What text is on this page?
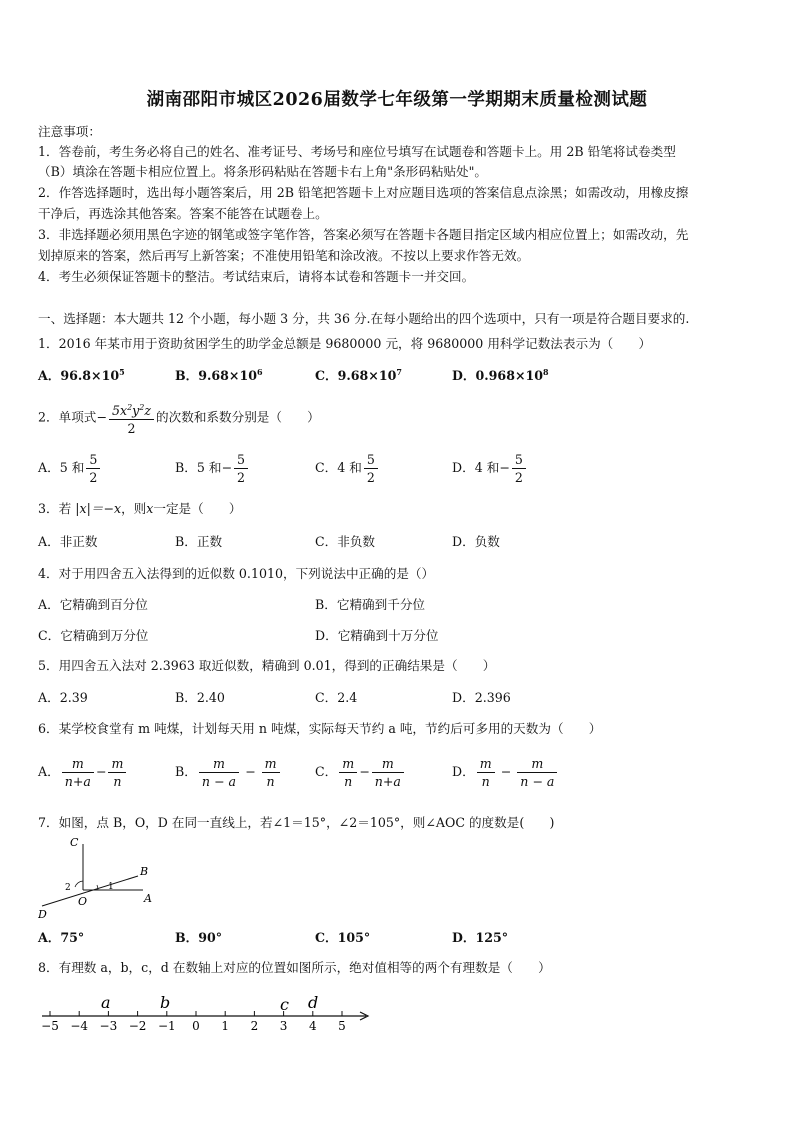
湖南邵阳市城区2026届数学七年级第一学期期末质量检测试题
注意事项：
1．答卷前，考生务必将自己的姓名、准考证号、考场号和座位号填写在试题卷和答题卡上。用 2B 铅笔将试卷类型
（B）填涂在答题卡相应位置上。将条形码粘贴在答题卡右上角"条形码粘贴处"。
2．作答选择题时，选出每小题答案后，用 2B 铅笔把答题卡上对应题目选项的答案信息点涂黑；如需改动，用橡皮擦
干净后，再选涂其他答案。答案不能答在试题卷上。
3．非选择题必须用黑色字迹的钢笔或签字笔作答，答案必须写在答题卡各题目指定区域内相应位置上；如需改动，先
划掉原来的答案，然后再写上新答案；不准使用铅笔和涂改液。不按以上要求作答无效。
4．考生必须保证答题卡的整洁。考试结束后，请将本试卷和答题卡一并交回。
一、选择题：本大题共 12 个小题，每小题 3 分，共 36 分.在每小题给出的四个选项中，只有一项是符合题目要求的.
1．2016 年某市用于资助贫困学生的助学金总额是 9680000 元，将 9680000 用科学记数法表示为（　　）
A．$96.8\times 10^5$	B．$9.68\times 10^6$	C．$9.68\times 10^7$	D．$0.968\times 10^8$
2．单项式− $\frac{5x^2y^2z}{2}$ 的次数和系数分别是（　　）
A．5 和 $\frac{5}{2}$	B．5 和− $\frac{5}{2}$	C．4 和 $\frac{5}{2}$	D．4 和− $\frac{5}{2}$
3．若 |x|＝−x，则x一定是（　　）
A．非正数	B．正数	C．非负数	D．负数
4．对于用四舍五入法得到的近似数 0.1010，下列说法中正确的是（）
A．它精确到百分位	B．它精确到千分位
C．它精确到万分位	D．它精确到十万分位
5．用四舍五入法对 2.3963 取近似数，精确到 0.01，得到的正确结果是（　　）
A．2.39	B．2.40	C．2.4	D．2.396
6．某学校食堂有 m 吨煤，计划每天用 n 吨煤，实际每天节约 a 吨，节约后可多用的天数为（　　）
A． $\frac{m}{n+a} - \frac{m}{n}$	B． $\frac{m}{n - a} - \frac{m}{n}$	C． $\frac{m}{n} - \frac{m}{n+a}$	D． $\frac{m}{n} - \frac{m}{n - a}$
7．如图，点 B，O，D 在同一直线上，若∠1＝15°，∠2＝105°，则∠AOC 的度数是(　　)
C
B
O	A
D
1
2
A．75°	B．90°	C．105°	D．125°
8．有理数 a，b，c，d 在数轴上对应的位置如图所示，绝对值相等的两个有理数是（　　）
−5 −4 −3 −2 −1 0 1 2 3 4 5
a	b	c d
